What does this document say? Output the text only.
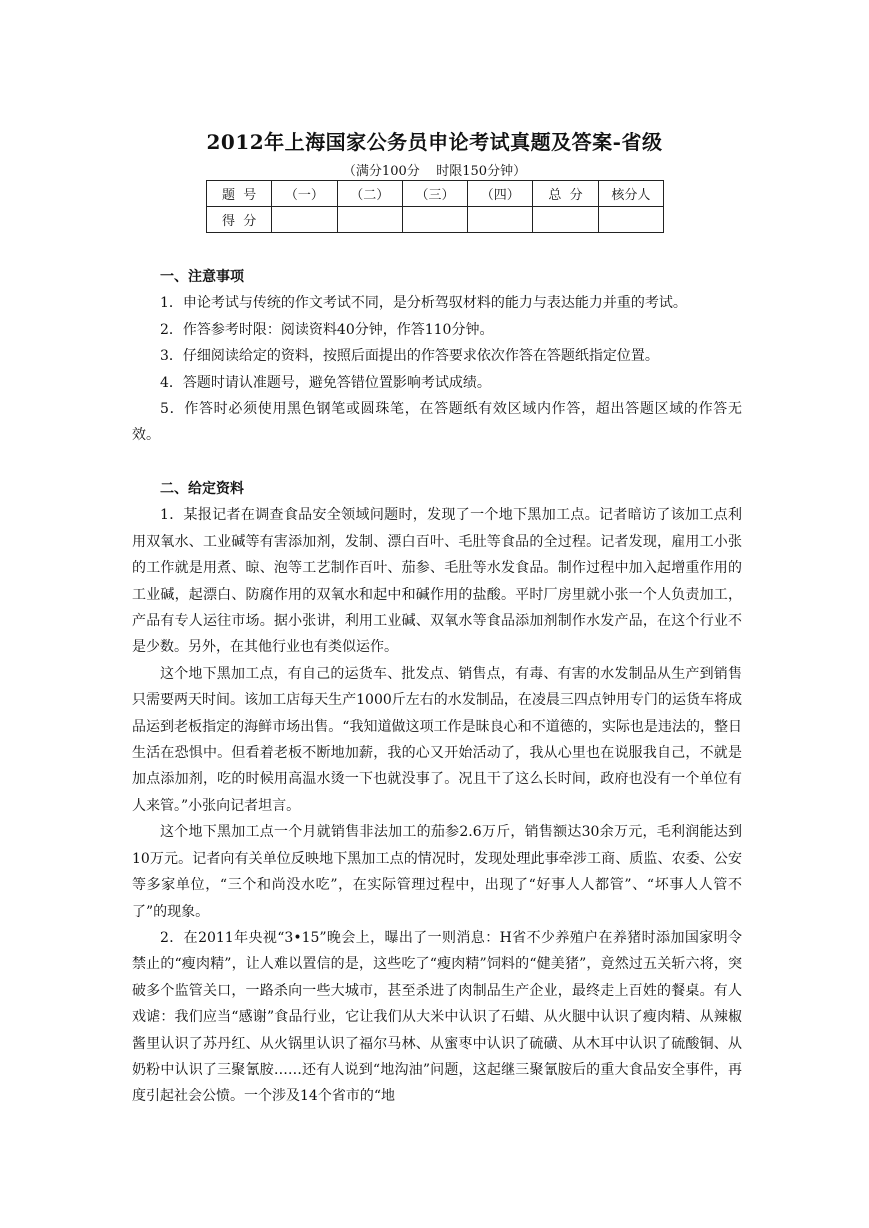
2012年上海国家公务员申论考试真题及答案-省级
（满分100分    时限150分钟）
题  号	（一）	（二）	（三）	（四）	总  分	核分人
得  分						

一、注意事项

1．申论考试与传统的作文考试不同，是分析驾驭材料的能力与表达能力并重的考试。

2．作答参考时限：阅读资料40分钟，作答110分钟。

3．仔细阅读给定的资料，按照后面提出的作答要求依次作答在答题纸指定位置。

4．答题时请认准题号，避免答错位置影响考试成绩。

5．作答时必须使用黑色钢笔或圆珠笔，在答题纸有效区域内作答，超出答题区域的作答无效。

二、给定资料

1．某报记者在调查食品安全领域问题时，发现了一个地下黑加工点。记者暗访了该加工点利用双氧水、工业碱等有害添加剂，发制、漂白百叶、毛肚等食品的全过程。记者发现，雇用工小张的工作就是用煮、晾、泡等工艺制作百叶、茄参、毛肚等水发食品。制作过程中加入起增重作用的工业碱，起漂白、防腐作用的双氧水和起中和碱作用的盐酸。平时厂房里就小张一个人负责加工，产品有专人运往市场。据小张讲，利用工业碱、双氧水等食品添加剂制作水发产品，在这个行业不是少数。另外，在其他行业也有类似运作。

这个地下黑加工点，有自己的运货车、批发点、销售点，有毒、有害的水发制品从生产到销售只需要两天时间。该加工店每天生产1000斤左右的水发制品，在凌晨三四点钟用专门的运货车将成品运到老板指定的海鲜市场出售。“我知道做这项工作是昧良心和不道德的，实际也是违法的，整日生活在恐惧中。但看着老板不断地加薪，我的心又开始活动了，我从心里也在说服我自己，不就是加点添加剂，吃的时候用高温水烫一下也就没事了。况且干了这么长时间，政府也没有一个单位有人来管。”小张向记者坦言。

这个地下黑加工点一个月就销售非法加工的茄参2.6万斤，销售额达30余万元，毛利润能达到10万元。记者向有关单位反映地下黑加工点的情况时，发现处理此事牵涉工商、质监、农委、公安等多家单位，“三个和尚没水吃”，在实际管理过程中，出现了“好事人人都管”、“坏事人人管不了”的现象。

2．在2011年央视“3•15”晚会上，曝出了一则消息：H省不少养殖户在养猪时添加国家明令禁止的“瘦肉精”，让人难以置信的是，这些吃了“瘦肉精”饲料的“健美猪”，竟然过五关斩六将，突破多个监管关口，一路杀向一些大城市，甚至杀进了肉制品生产企业，最终走上百姓的餐桌。有人戏谑：我们应当“感谢”食品行业，它让我们从大米中认识了石蜡、从火腿中认识了瘦肉精、从辣椒酱里认识了苏丹红、从火锅里认识了福尔马林、从蜜枣中认识了硫磺、从木耳中认识了硫酸铜、从奶粉中认识了三聚氰胺……还有人说到“地沟油”问题，这起继三聚氰胺后的重大食品安全事件，再度引起社会公愤。一个涉及14个省市的“地
